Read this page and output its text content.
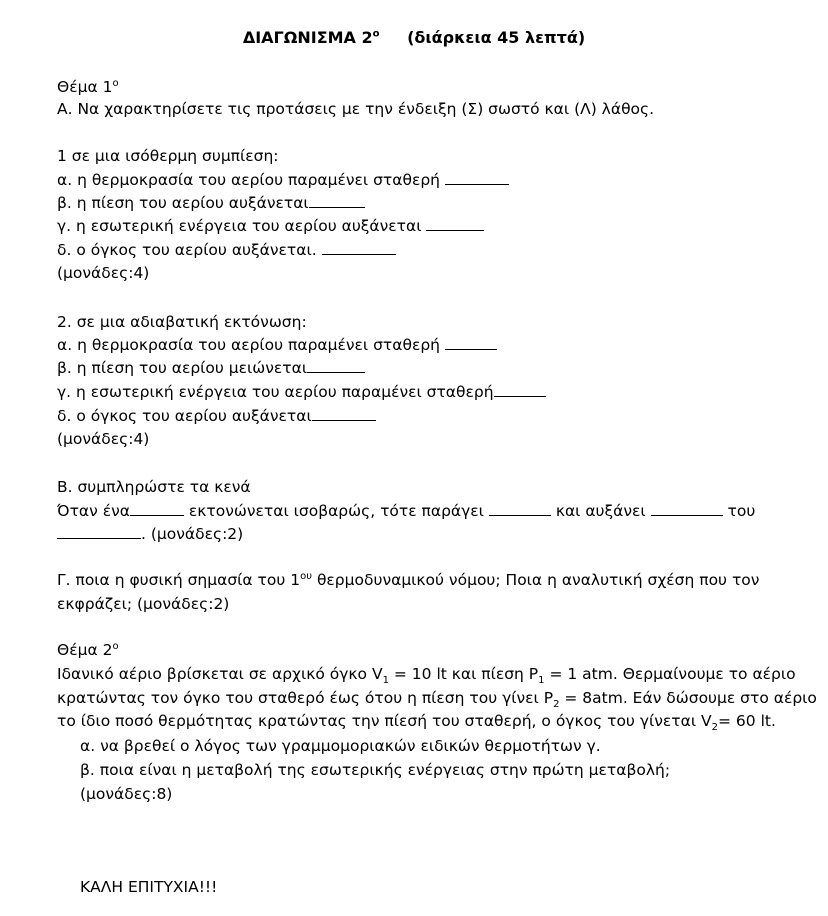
ΔΙΑΓΩΝΙΣΜΑ $2^o$ (διάρκεια 45 λεπτά)
Θέμα $1^o$
Α. Να χαρακτηρίσετε τις προτάσεις με την ένδειξη (Σ) σωστό και (Λ) λάθος.
1 σε μια ισόθερμη συμπίεση:
α. η θερμοκρασία του αερίου παραμένει σταθερή
β. η πίεση του αερίου αυξάνεται
γ. η εσωτερική ενέργεια του αερίου αυξάνεται
δ. ο όγκος του αερίου αυξάνεται.
(μονάδες:4)
2. σε μια αδιαβατική εκτόνωση:
α. η θερμοκρασία του αερίου παραμένει σταθερή
β. η πίεση του αερίου μειώνεται
γ. η εσωτερική ενέργεια του αερίου παραμένει σταθερή
δ. ο όγκος του αερίου αυξάνεται
(μονάδες:4)
Β. συμπληρώστε τα κενά
Όταν ένα	εκτονώνεται ισοβαρώς, τότε παράγει	και αυξάνει	του
. (μονάδες:2)
Γ. ποια η φυσική σημασία του $1^{o\upsilon}$ θερμοδυναμικού νόμου; Ποια η αναλυτική σχέση που τον
εκφράζει; (μονάδες:2)
Θέμα $2^o$
Ιδανικό αέριο βρίσκεται σε αρχικό όγκο $V_1 = 10$ lt και πίεση $P_1 = 1$ atm. Θερμαίνουμε το αέριο
κρατώντας τον όγκο του σταθερό έως ότου η πίεση του γίνει $P_2 = 8atm$. Εάν δώσουμε στο αέριο
το ίδιο ποσό θερμότητας κρατώντας την πίεσή του σταθερή, ο όγκος του γίνεται $V_2= 60$ lt.
α. να βρεθεί ο λόγος των γραμμομοριακών ειδικών θερμοτήτων γ.
β. ποια είναι η μεταβολή της εσωτερικής ενέργειας στην πρώτη μεταβολή;
(μονάδες:8)
ΚΑΛΗ ΕΠΙΤΥΧΙΑ!!!
